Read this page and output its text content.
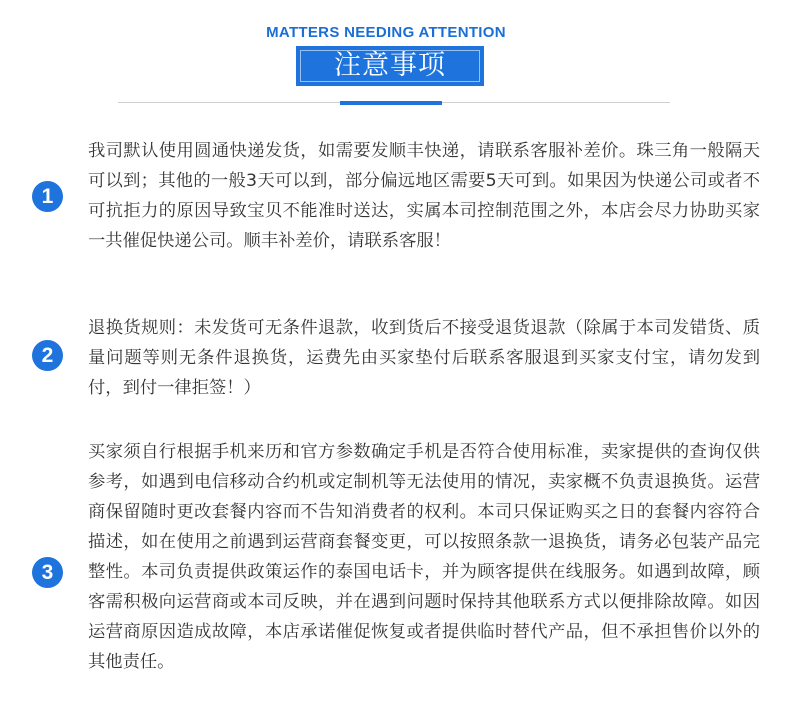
MATTERS NEEDING ATTENTION
注意事项
1
我司默认使用圆通快递发货，如需要发顺丰快递，请联系客服补差价。珠三角一般隔天可以到；其他的一般3天可以到，部分偏远地区需要5天可到。如果因为快递公司或者不可抗拒力的原因导致宝贝不能准时送达，实属本司控制范围之外，本店会尽力协助买家一共催促快递公司。顺丰补差价，请联系客服！
2
退换货规则：未发货可无条件退款，收到货后不接受退货退款（除属于本司发错货、质量问题等则无条件退换货，运费先由买家垫付后联系客服退到买家支付宝，请勿发到付，到付一律拒签！）
3
买家须自行根据手机来历和官方参数确定手机是否符合使用标准，卖家提供的查询仅供参考，如遇到电信移动合约机或定制机等无法使用的情况，卖家概不负责退换货。运营商保留随时更改套餐内容而不告知消费者的权利。本司只保证购买之日的套餐内容符合描述，如在使用之前遇到运营商套餐变更，可以按照条款一退换货，请务必包装产品完整性。本司负责提供政策运作的泰国电话卡，并为顾客提供在线服务。如遇到故障，顾客需积极向运营商或本司反映，并在遇到问题时保持其他联系方式以便排除故障。如因运营商原因造成故障，本店承诺催促恢复或者提供临时替代产品，但不承担售价以外的其他责任。
